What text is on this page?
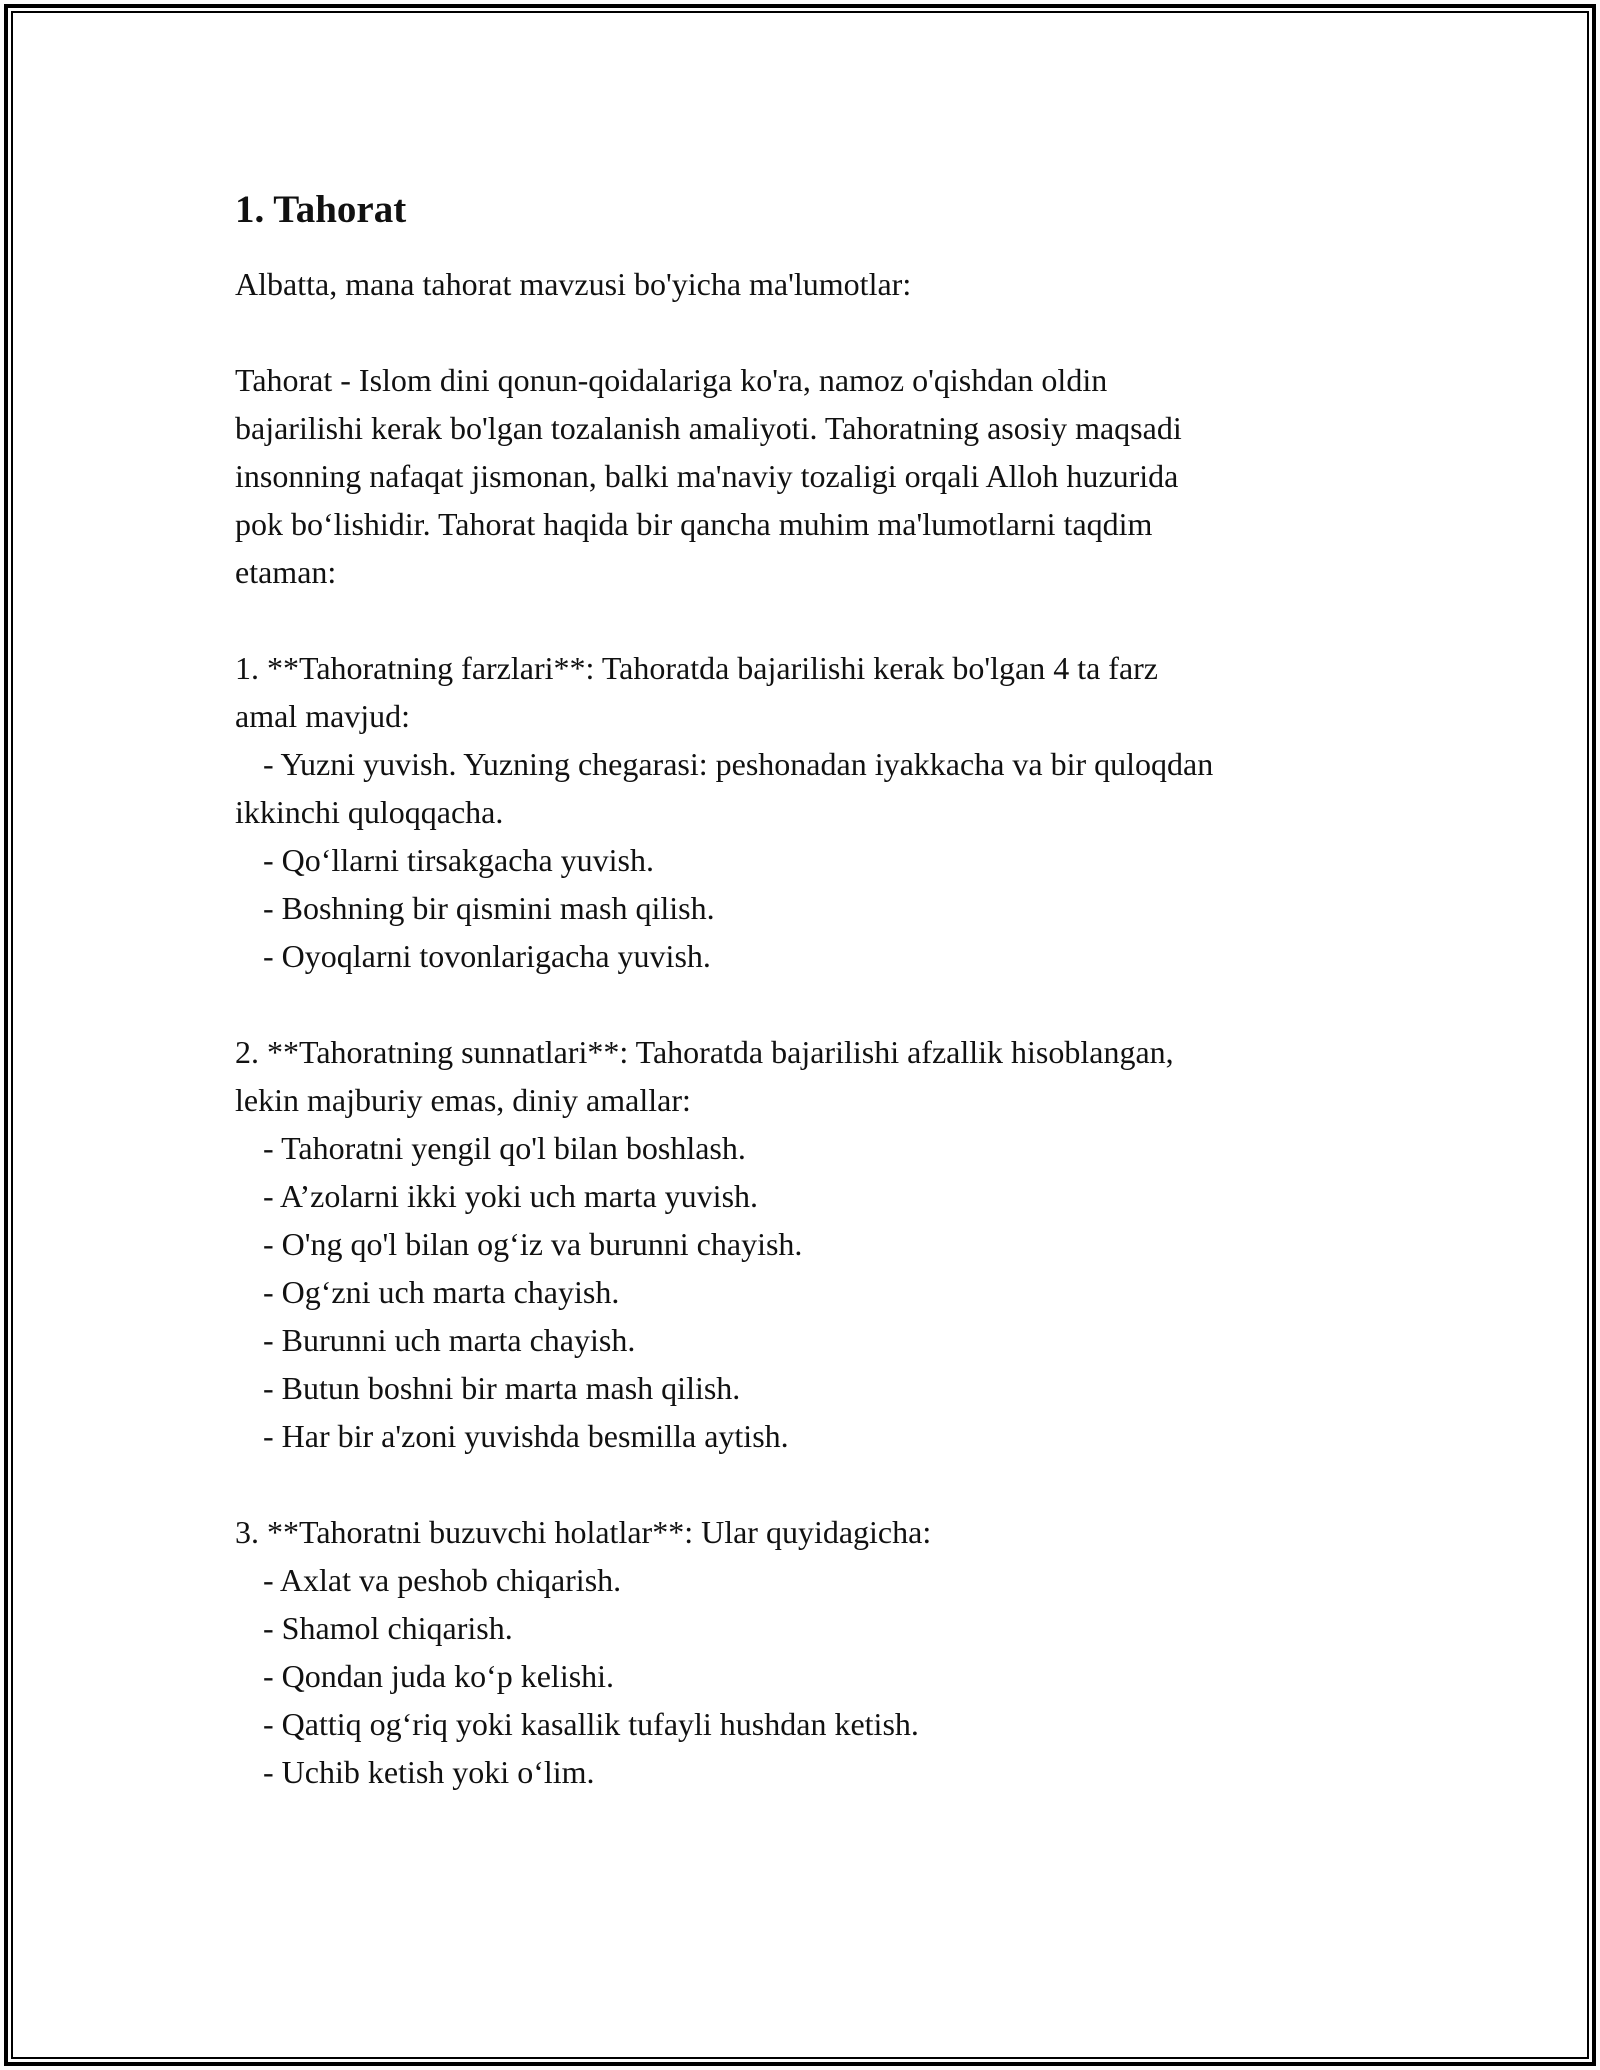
1. Tahorat

Albatta, mana tahorat mavzusi bo'yicha ma'lumotlar:

Tahorat - Islom dini qonun-qoidalariga ko'ra, namoz o'qishdan oldin

bajarilishi kerak bo'lgan tozalanish amaliyoti. Tahoratning asosiy maqsadi

insonning nafaqat jismonan, balki ma'naviy tozaligi orqali Alloh huzurida

pok bo‘lishidir. Tahorat haqida bir qancha muhim ma'lumotlarni taqdim

etaman:

1. **Tahoratning farzlari**: Tahoratda bajarilishi kerak bo'lgan 4 ta farz

amal mavjud:

- Yuzni yuvish. Yuzning chegarasi: peshonadan iyakkacha va bir quloqdan

ikkinchi quloqqacha.

- Qo‘llarni tirsakgacha yuvish.

- Boshning bir qismini mash qilish.

- Oyoqlarni tovonlarigacha yuvish.

2. **Tahoratning sunnatlari**: Tahoratda bajarilishi afzallik hisoblangan,

lekin majburiy emas, diniy amallar:

- Tahoratni yengil qo'l bilan boshlash.

- A’zolarni ikki yoki uch marta yuvish.

- O'ng qo'l bilan og‘iz va burunni chayish.

- Og‘zni uch marta chayish.

- Burunni uch marta chayish.

- Butun boshni bir marta mash qilish.

- Har bir a'zoni yuvishda besmilla aytish.

3. **Tahoratni buzuvchi holatlar**: Ular quyidagicha:

- Axlat va peshob chiqarish.

- Shamol chiqarish.

- Qondan juda ko‘p kelishi.

- Qattiq og‘riq yoki kasallik tufayli hushdan ketish.

- Uchib ketish yoki o‘lim.
